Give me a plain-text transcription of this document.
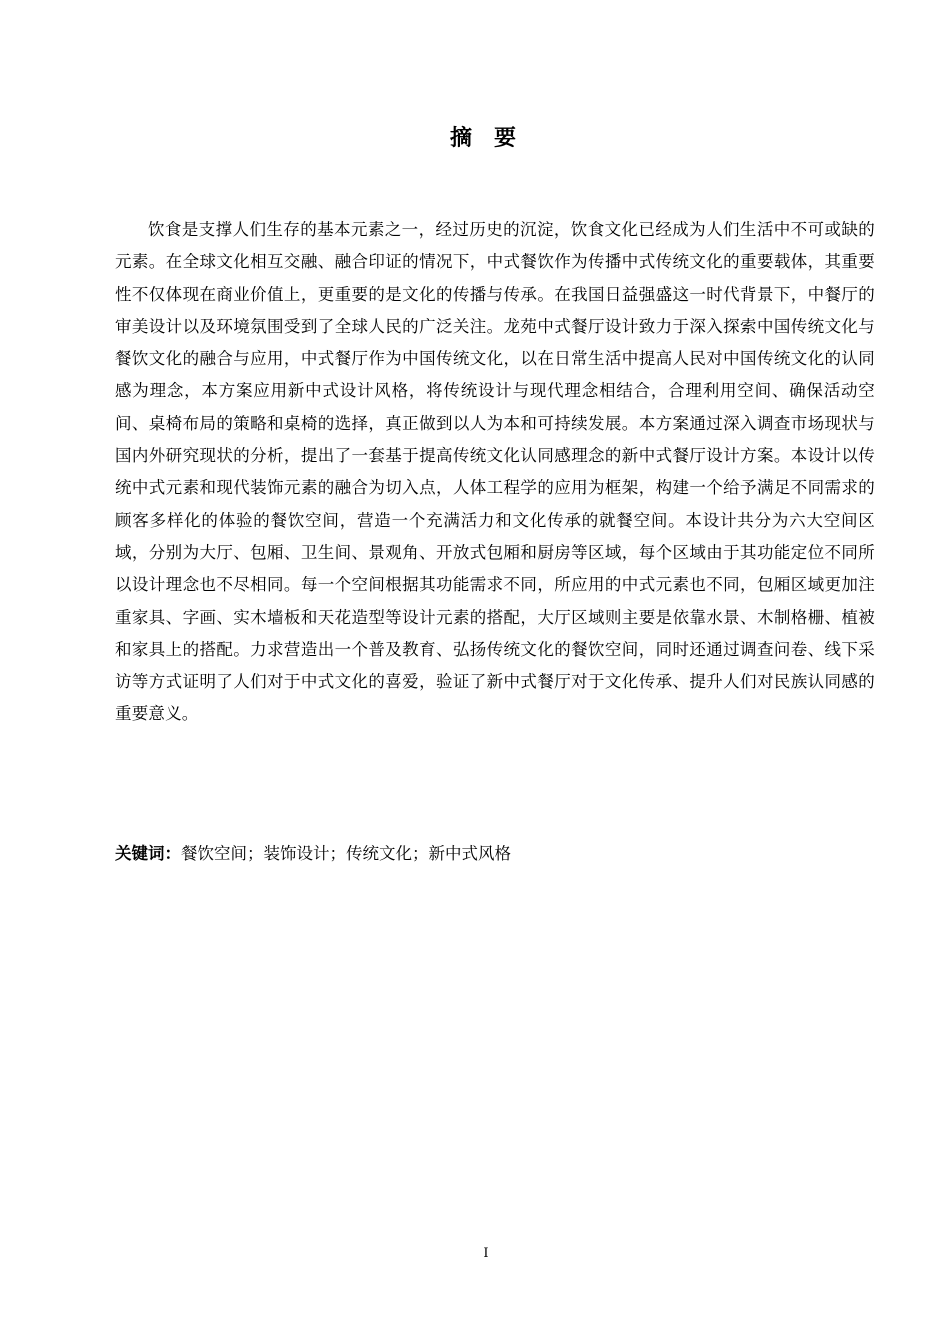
摘 要

饮食是支撑人们生存的基本元素之一，经过历史的沉淀，饮食文化已经成为人们生活中不可或缺的元素。在全球文化相互交融、融合印证的情况下，中式餐饮作为传播中式传统文化的重要载体，其重要性不仅体现在商业价值上，更重要的是文化的传播与传承。在我国日益强盛这一时代背景下，中餐厅的审美设计以及环境氛围受到了全球人民的广泛关注。龙苑中式餐厅设计致力于深入探索中国传统文化与餐饮文化的融合与应用，中式餐厅作为中国传统文化，以在日常生活中提高人民对中国传统文化的认同感为理念，本方案应用新中式设计风格，将传统设计与现代理念相结合，合理利用空间、确保活动空间、桌椅布局的策略和桌椅的选择，真正做到以人为本和可持续发展。本方案通过深入调查市场现状与国内外研究现状的分析，提出了一套基于提高传统文化认同感理念的新中式餐厅设计方案。本设计以传统中式元素和现代装饰元素的融合为切入点，人体工程学的应用为框架，构建一个给予满足不同需求的顾客多样化的体验的餐饮空间，营造一个充满活力和文化传承的就餐空间。本设计共分为六大空间区域，分别为大厅、包厢、卫生间、景观角、开放式包厢和厨房等区域，每个区域由于其功能定位不同所以设计理念也不尽相同。每一个空间根据其功能需求不同，所应用的中式元素也不同，包厢区域更加注重家具、字画、实木墙板和天花造型等设计元素的搭配，大厅区域则主要是依靠水景、木制格栅、植被和家具上的搭配。力求营造出一个普及教育、弘扬传统文化的餐饮空间，同时还通过调查问卷、线下采访等方式证明了人们对于中式文化的喜爱，验证了新中式餐厅对于文化传承、提升人们对民族认同感的重要意义。

关键词：餐饮空间；装饰设计；传统文化；新中式风格
I
